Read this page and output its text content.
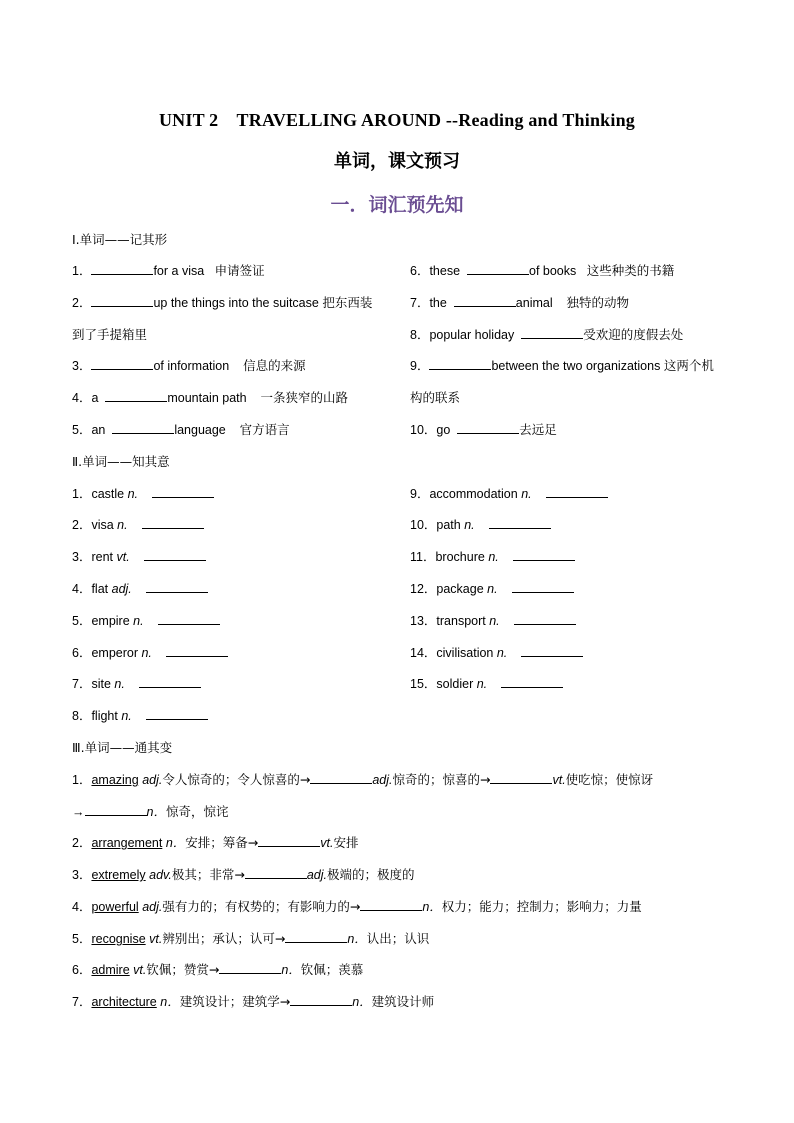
UNIT 2　TRAVELLING AROUND --Reading and Thinking
单词，课文预习
一．词汇预先知
Ⅰ.单词——记其形
1．	for a visa 申请签证
2．	up the things into the suitcase 把东西装
到了手提箱里
3．	of information 信息的来源
4．a	mountain path 一条狭窄的山路
5．an	language 官方语言
6．these	of books 这些种类的书籍
7．the	animal 独特的动物
8．popular holiday	受欢迎的度假去处
9．	between the two organizations 这两个机
构的联系
10．go	去远足
Ⅱ.单词——知其意
1．castle n.
2．visa n.
3．rent vt.
4．flat adj.
5．empire n.
6．emperor n.
7．site n.
8．flight n.
9．accommodation n.
10．path n.
11．brochure n.
12．package n.
13．transport n.
14．civilisation n.
15．soldier n.
Ⅲ.单词——通其变
1．amazing adj.令人惊奇的；令人惊喜的→	adj.惊奇的；惊喜的→	vt.使吃惊；使惊讶
→	n．惊奇，惊诧
2．arrangement n．安排；筹备→	vt.安排
3．extremely adv.极其；非常→	adj.极端的；极度的
4．powerful adj.强有力的；有权势的；有影响力的→	n．权力；能力；控制力；影响力；力量
5．recognise vt.辨别出；承认；认可→	n．认出；认识
6．admire vt.钦佩；赞赏→	n．钦佩；羡慕
7．architecture n．建筑设计；建筑学→	n．建筑设计师
